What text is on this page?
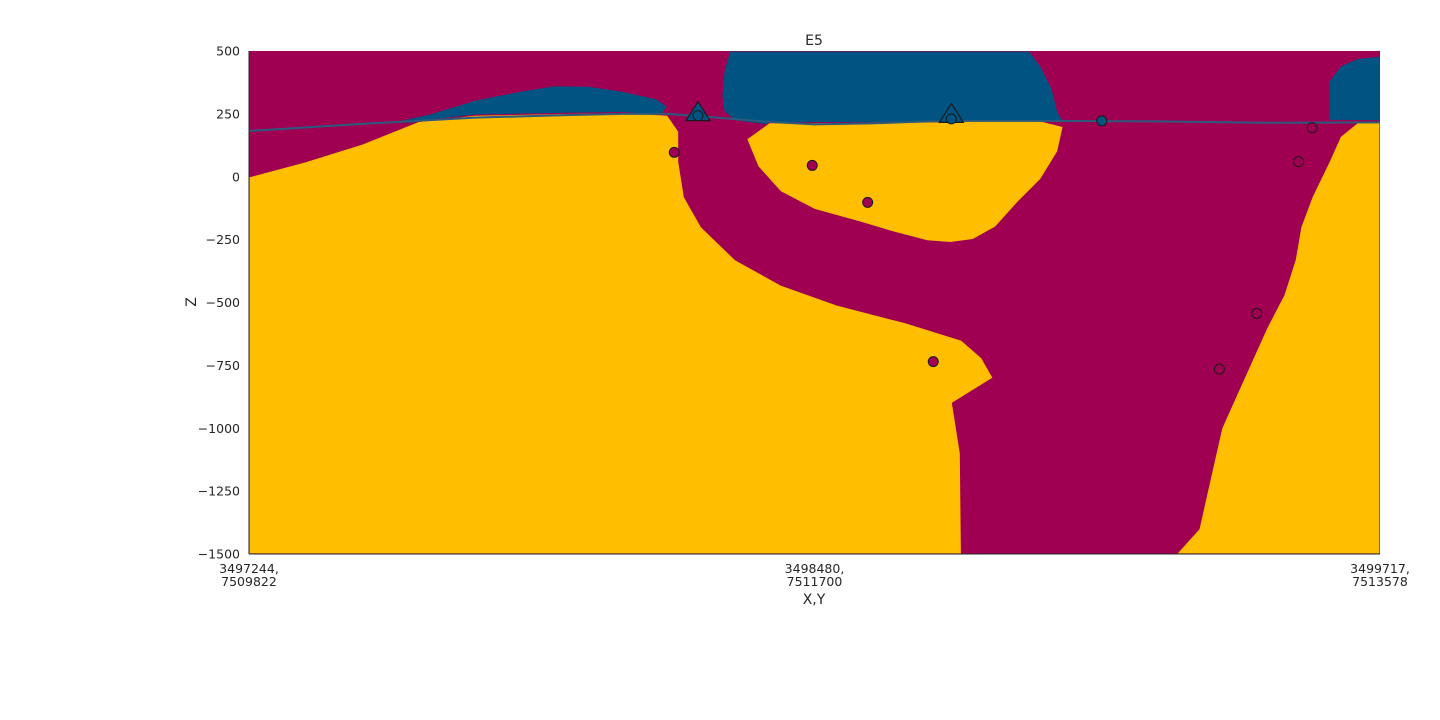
500
250
0
−250
−500
−750
−1000
−1250
−1500
3497244,
7509822
3498480,
7511700
3499717,
7513578
E5
X,Y
Z
